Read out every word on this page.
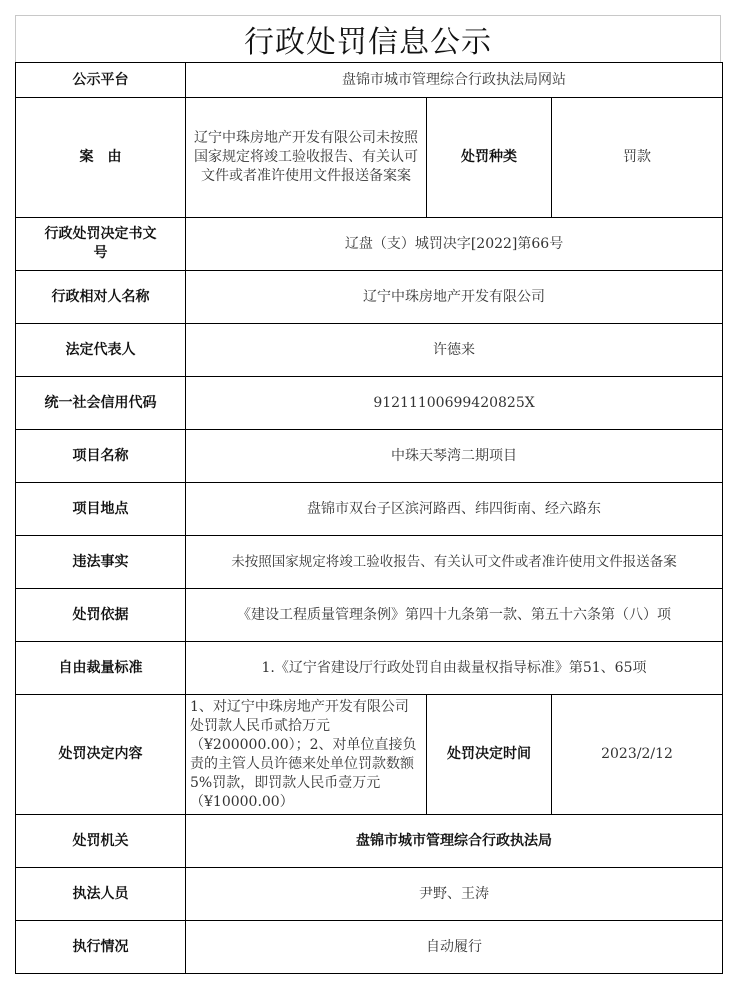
行政处罚信息公示
公示平台	盘锦市城市管理综合行政执法局网站		
案　由	辽宁中珠房地产开发有限公司未按照国家规定将竣工验收报告、有关认可文件或者准许使用文件报送备案案	处罚种类	罚款
行政处罚决定书文号	辽盘（支）城罚决字[2022]第66号		
行政相对人名称	辽宁中珠房地产开发有限公司		
法定代表人	许德来		
统一社会信用代码	91211100699420825X		
项目名称	中珠天琴湾二期项目		
项目地点	盘锦市双台子区滨河路西、纬四街南、经六路东		
违法事实	未按照国家规定将竣工验收报告、有关认可文件或者准许使用文件报送备案		
处罚依据	《建设工程质量管理条例》第四十九条第一款、第五十六条第（八）项		
自由裁量标准	1.《辽宁省建设厅行政处罚自由裁量权指导标准》第51、65项		
处罚决定内容	1、对辽宁中珠房地产开发有限公司处罚款人民币贰拾万元（¥200000.00）；2、对单位直接负责的主管人员许德来处单位罚款数额5%罚款，即罚款人民币壹万元（¥10000.00）	处罚决定时间	2023/2/12
处罚机关	盘锦市城市管理综合行政执法局		
执法人员	尹野、王涛		
执行情况	自动履行		
